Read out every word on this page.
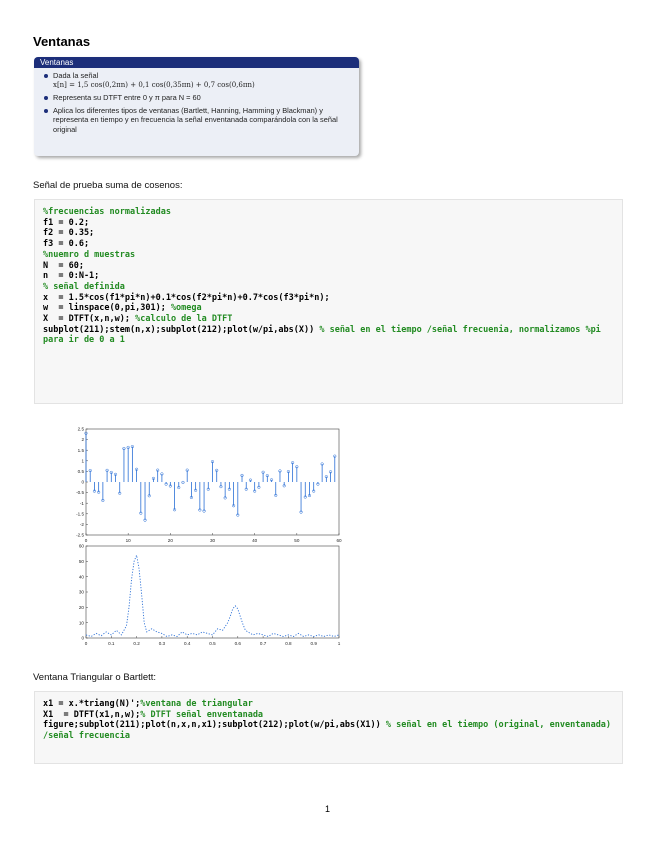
Ventanas
Ventanas
Dada la señal
x[n] = 1,5 cos(0,2πn) + 0,1 cos(0,35πn) + 0,7 cos(0,6πn)
Representa su DTFT entre 0 y π para N = 60
Aplica los diferentes tipos de ventanas (Bartlett, Hanning, Hamming y Blackman) y representa en tiempo y en frecuencia la señal enventanada comparándola con la señal original
Señal de prueba suma de cosenos:
%frecuencias normalizadas
f1 = 0.2;
f2 = 0.35;
f3 = 0.6;
%nuemro d muestras
N  = 60;
n  = 0:N-1;
% señal definida
x  = 1.5*cos(f1*pi*n)+0.1*cos(f2*pi*n)+0.7*cos(f3*pi*n);
w  = linspace(0,pi,301); %omega
X  = DTFT(x,n,w); %calculo de la DTFT
subplot(211);stem(n,x);subplot(212);plot(w/pi,abs(X)) % señal en el tiempo /señal frecuenia, normalizamos %pi para ir de 0 a 1
0	10	20	30	40	50	60
2.5
2
1.5
1
0.5
0
-0.5
-1
-1.5
-2
-2.5
0	0.1	0.2	0.3	0.4	0.5	0.6	0.7	0.8	0.9	1
60
50
40
30
20
10
0
Ventana Triangular o Bartlett:
x1 = x.*triang(N)';%ventana de triangular
X1  = DTFT(x1,n,w);% DTFT señal enventanada
figure;subplot(211);plot(n,x,n,x1);subplot(212);plot(w/pi,abs(X1)) % señal en el tiempo (original, enventanada) /señal frecuencia
1
